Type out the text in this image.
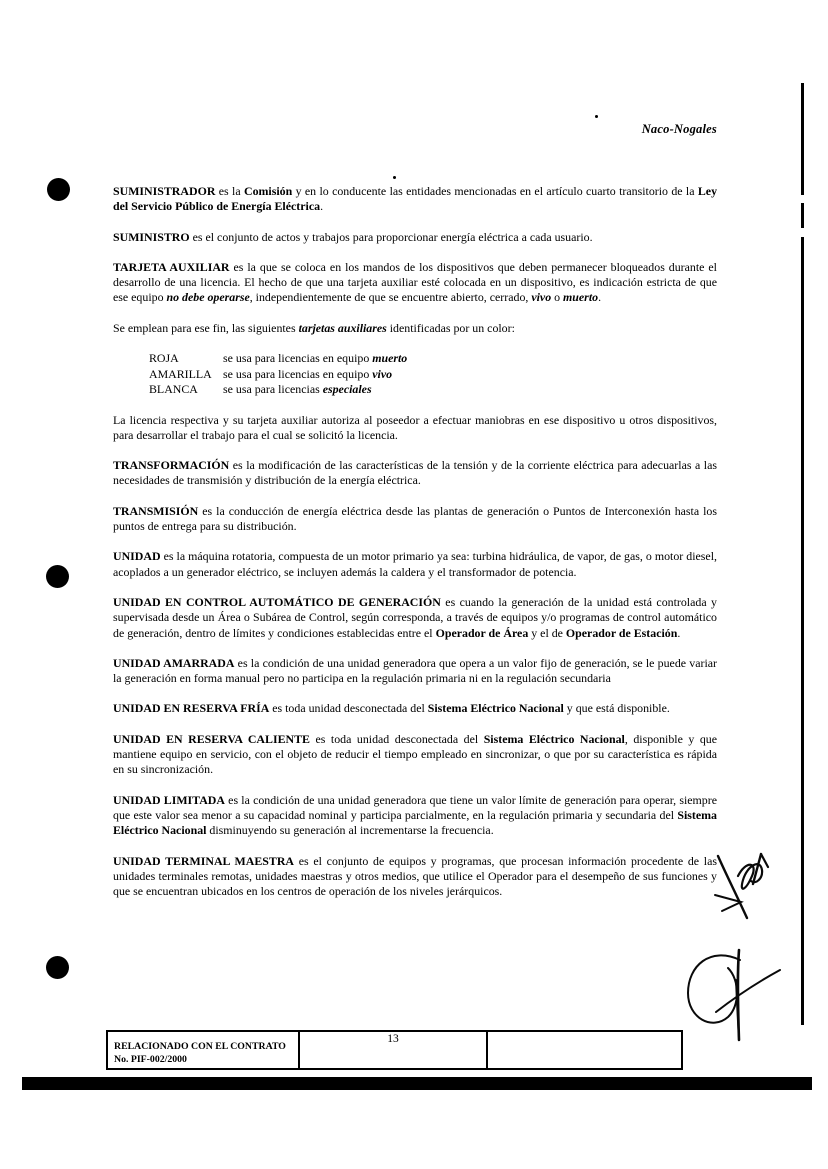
Naco-Nogales
SUMINISTRADOR es la Comisión y en lo conducente las entidades mencionadas en el artículo cuarto transitorio de la Ley del Servicio Público de Energía Eléctrica.
SUMINISTRO es el conjunto de actos y trabajos para proporcionar energía eléctrica a cada usuario.
TARJETA AUXILIAR es la que se coloca en los mandos de los dispositivos que deben permanecer bloqueados durante el desarrollo de una licencia. El hecho de que una tarjeta auxiliar esté colocada en un dispositivo, es indicación estricta de que ese equipo no debe operarse, independientemente de que se encuentre abierto, cerrado, vivo o muerto.
Se emplean para ese fin, las siguientes tarjetas auxiliares identificadas por un color:
ROJA	se usa para licencias en equipo muerto
AMARILLA se usa para licencias en equipo vivo
BLANCA	se usa para licencias especiales
La licencia respectiva y su tarjeta auxiliar autoriza al poseedor a efectuar maniobras en ese dispositivo u otros dispositivos, para desarrollar el trabajo para el cual se solicitó la licencia.
TRANSFORMACIÓN es la modificación de las características de la tensión y de la corriente eléctrica para adecuarlas a las necesidades de transmisión y distribución de la energía eléctrica.
TRANSMISIÓN es la conducción de energía eléctrica desde las plantas de generación o Puntos de Interconexión hasta los puntos de entrega para su distribución.
UNIDAD es la máquina rotatoria, compuesta de un motor primario ya sea: turbina hidráulica, de vapor, de gas, o motor diesel, acoplados a un generador eléctrico, se incluyen además la caldera y el transformador de potencia.
UNIDAD EN CONTROL AUTOMÁTICO DE GENERACIÓN es cuando la generación de la unidad está controlada y supervisada desde un Área o Subárea de Control, según corresponda, a través de equipos y/o programas de control automático de generación, dentro de límites y condiciones establecidas entre el Operador de Área y el de Operador de Estación.
UNIDAD AMARRADA es la condición de una unidad generadora que opera a un valor fijo de generación, se le puede variar la generación en forma manual pero no participa en la regulación primaria ni en la regulación secundaria
UNIDAD EN RESERVA FRÍA es toda unidad desconectada del Sistema Eléctrico Nacional y que está disponible.
UNIDAD EN RESERVA CALIENTE es toda unidad desconectada del Sistema Eléctrico Nacional, disponible y que mantiene equipo en servicio, con el objeto de reducir el tiempo empleado en sincronizar, o que por su característica es rápida en su sincronización.
UNIDAD LIMITADA es la condición de una unidad generadora que tiene un valor límite de generación para operar, siempre que este valor sea menor a su capacidad nominal y participa parcialmente, en la regulación primaria y secundaria del Sistema Eléctrico Nacional disminuyendo su generación al incrementarse la frecuencia.
UNIDAD TERMINAL MAESTRA es el conjunto de equipos y programas, que procesan información procedente de las unidades terminales remotas, unidades maestras y otros medios, que utilice el Operador para el desempeño de sus funciones y que se encuentran ubicados en los centros de operación de los niveles jerárquicos.
RELACIONADO CON EL CONTRATO
No. PIF-002/2000
13
